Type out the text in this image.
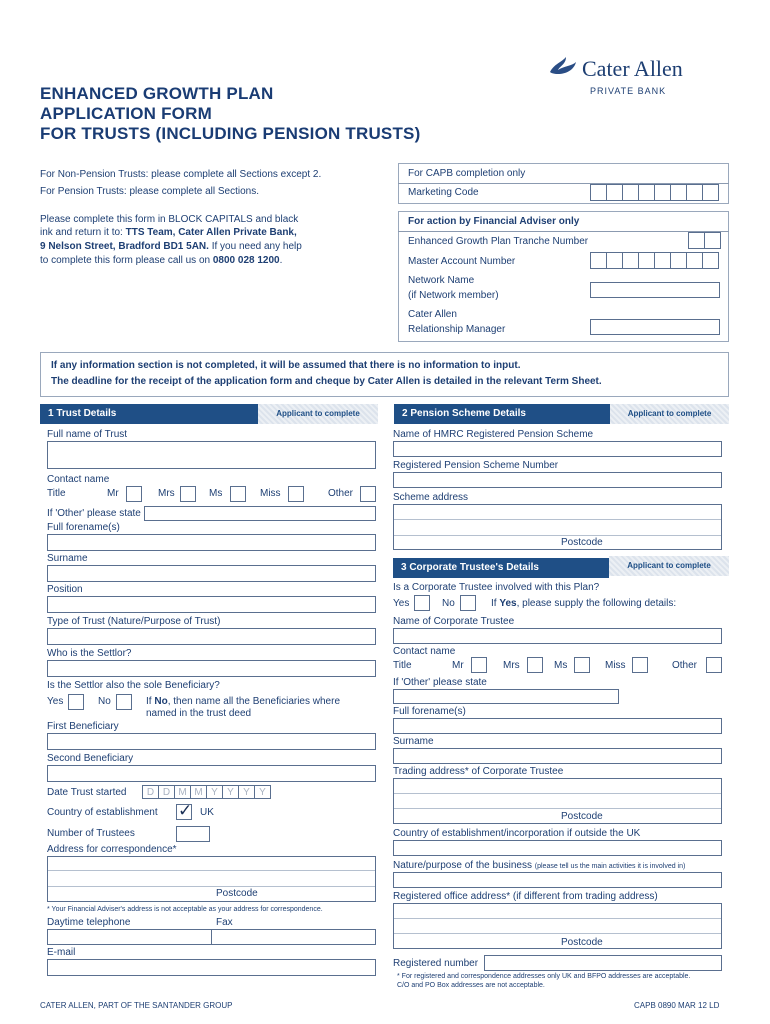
Cater Allen
PRIVATE BANK
ENHANCED GROWTH PLAN
APPLICATION FORM
FOR TRUSTS (INCLUDING PENSION TRUSTS)
For Non-Pension Trusts: please complete all Sections except 2.
For Pension Trusts: please complete all Sections.
Please complete this form in BLOCK CAPITALS and black
ink and return it to: TTS Team, Cater Allen Private Bank,
9 Nelson Street, Bradford BD1 5AN. If you need any help
to complete this form please call us on 0800 028 1200.
For CAPB completion only
Marketing Code
For action by Financial Adviser only
Enhanced Growth Plan Tranche Number
Master Account Number
Network Name
(if Network member)
Cater Allen
Relationship Manager
If any information section is not completed, it will be assumed that there is no information to input.
The deadline for the receipt of the application form and cheque by Cater Allen is detailed in the relevant Term Sheet.
1 Trust Details	Applicant to complete	2 Pension Scheme Details	Applicant to complete
Full name of Trust
Contact name
Title	Mr	Mrs	Ms	Miss	Other
If 'Other' please state
Full forename(s)
Surname
Position
Type of Trust (Nature/Purpose of Trust)
Who is the Settlor?
Is the Settlor also the sole Beneficiary?
Yes	No	If No, then name all the Beneficiaries where
named in the trust deed
First Beneficiary
Second Beneficiary
Date Trust started	D D M M Y Y Y Y
Country of establishment ✓ UK
Number of Trustees
Address for correspondence*
Postcode
* Your Financial Adviser's address is not acceptable as your address for correspondence.
Daytime telephone	Fax
E-mail
Name of HMRC Registered Pension Scheme
Registered Pension Scheme Number
Scheme address
Postcode
3 Corporate Trustee's Details	Applicant to complete
Is a Corporate Trustee involved with this Plan?
Yes	No	If Yes, please supply the following details:
Name of Corporate Trustee
Contact name
Title	Mr	Mrs	Ms	Miss	Other
If 'Other' please state
Full forename(s)
Surname
Trading address* of Corporate Trustee
Postcode
Country of establishment/incorporation if outside the UK
Nature/purpose of the business (please tell us the main activities it is involved in)
Registered office address* (if different from trading address)
Postcode
Registered number
* For registered and correspondence addresses only UK and BFPO addresses are acceptable.
C/O and PO Box addresses are not acceptable.
CATER ALLEN, PART OF THE SANTANDER GROUP	CAPB 0890 MAR 12 LD
